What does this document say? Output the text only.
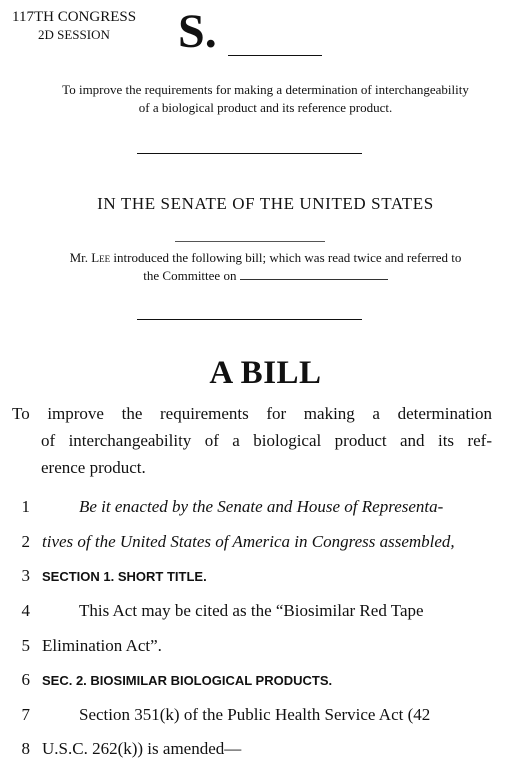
117TH CONGRESS
2D SESSION S.
To improve the requirements for making a determination of interchangeability
of a biological product and its reference product.
IN THE SENATE OF THE UNITED STATES
Mr. Lee introduced the following bill; which was read twice and referred to
the Committee on
A BILL
To improve the requirements for making a determination
of interchangeability of a biological product and its ref-
erence product.
1	Be it enacted by the Senate and House of Representa-
2 tives of the United States of America in Congress assembled,
3 SECTION 1. SHORT TITLE.
4	This Act may be cited as the “Biosimilar Red Tape
5 Elimination Act”.
6 SEC. 2. BIOSIMILAR BIOLOGICAL PRODUCTS.
7	Section 351(k) of the Public Health Service Act (42
8 U.S.C. 262(k)) is amended—
